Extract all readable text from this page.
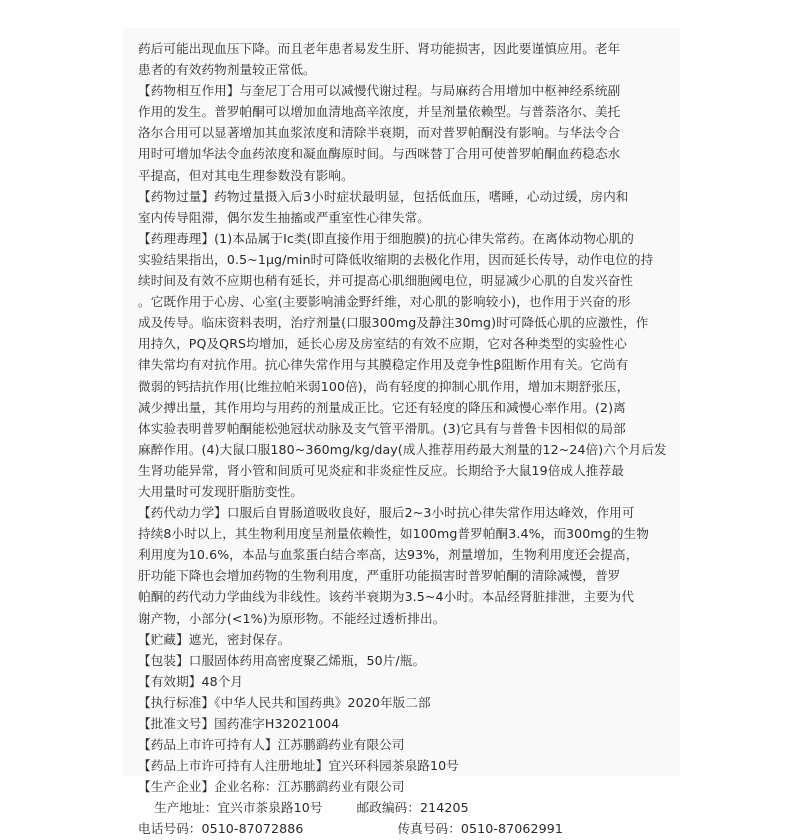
药后可能出现血压下降。而且老年患者易发生肝、肾功能损害，因此要谨慎应用。老年
患者的有效药物剂量较正常低。
【药物相互作用】与奎尼丁合用可以减慢代谢过程。与局麻药合用增加中枢神经系统副
作用的发生。普罗帕酮可以增加血清地高辛浓度，并呈剂量依赖型。与普萘洛尔、美托
洛尔合用可以显著增加其血浆浓度和清除半衰期，而对普罗帕酮没有影响。与华法令合
用时可增加华法令血药浓度和凝血酶原时间。与西咪替丁合用可使普罗帕酮血药稳态水
平提高，但对其电生理参数没有影响。
【药物过量】药物过量摄入后3小时症状最明显，包括低血压，嗜睡，心动过缓，房内和
室内传导阻滞，偶尔发生抽搐或严重室性心律失常。
【药理毒理】(1)本品属于Ic类(即直接作用于细胞膜)的抗心律失常药。在离体动物心肌的
实验结果指出，0.5~1μg/min时可降低收缩期的去极化作用，因而延长传导，动作电位的持
续时间及有效不应期也稍有延长，并可提高心肌细胞阈电位，明显减少心肌的自发兴奋性
。它既作用于心房、心室(主要影响浦金野纤维，对心肌的影响较小)，也作用于兴奋的形
成及传导。临床资料表明，治疗剂量(口服300mg及静注30mg)时可降低心肌的应激性，作
用持久，PQ及QRS均增加，延长心房及房室结的有效不应期，它对各种类型的实验性心
律失常均有对抗作用。抗心律失常作用与其膜稳定作用及竞争性β阻断作用有关。它尚有
微弱的钙拮抗作用(比维拉帕米弱100倍)，尚有轻度的抑制心肌作用，增加末期舒张压，
减少搏出量，其作用均与用药的剂量成正比。它还有轻度的降压和减慢心率作用。(2)离
体实验表明普罗帕酮能松弛冠状动脉及支气管平滑肌。(3)它具有与普鲁卡因相似的局部
麻醉作用。(4)大鼠口服180~360mg/kg/day(成人推荐用药最大剂量的12~24倍)六个月后发
生肾功能异常，肾小管和间质可见炎症和非炎症性反应。长期给予大鼠19倍成人推荐最
大用量时可发现肝脂肪变性。
【药代动力学】口服后自胃肠道吸收良好，服后2~3小时抗心律失常作用达峰效，作用可
持续8小时以上，其生物利用度呈剂量依赖性，如100mg普罗帕酮3.4%，而300mg的生物
利用度为10.6%，本品与血浆蛋白结合率高，达93%，剂量增加，生物利用度还会提高，
肝功能下降也会增加药物的生物利用度，严重肝功能损害时普罗帕酮的清除减慢，普罗
帕酮的药代动力学曲线为非线性。该药半衰期为3.5~4小时。本品经肾脏排泄，主要为代
谢产物，小部分(<1%)为原形物。不能经过透析排出。
【贮藏】遮光，密封保存。
【包装】口服固体药用高密度聚乙烯瓶，50片/瓶。
【有效期】48个月
【执行标准】《中华人民共和国药典》2020年版二部
【批准文号】国药准字H32021004
【药品上市许可持有人】江苏鹏鹞药业有限公司
【药品上市许可持有人注册地址】宜兴环科园茶泉路10号
【生产企业】企业名称：江苏鹏鹞药业有限公司
生产地址：宜兴市茶泉路10号	邮政编码：214205
电话号码：0510-87072886	传真号码：0510-87062991
